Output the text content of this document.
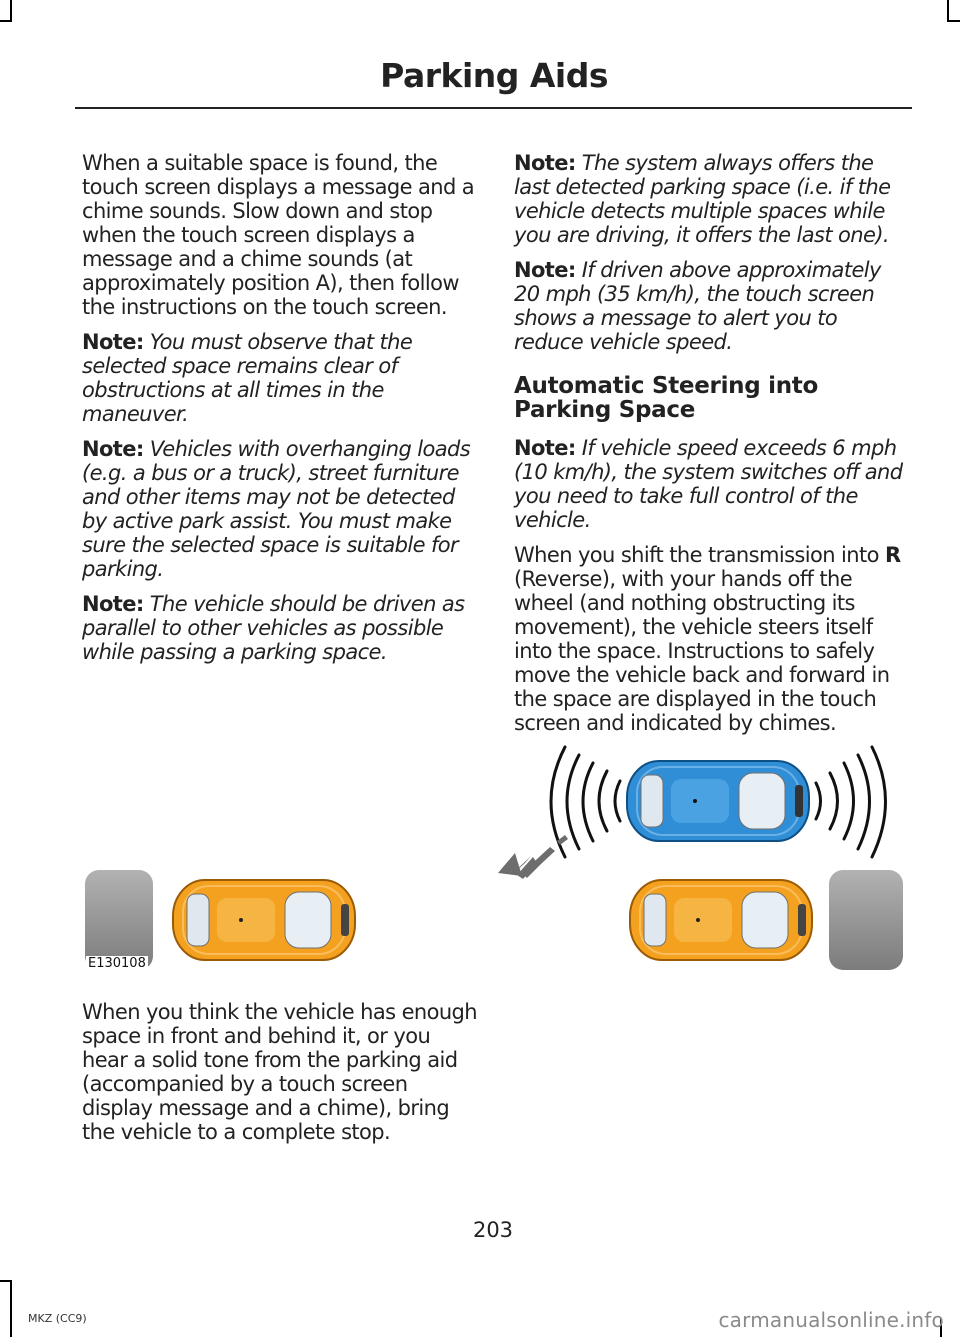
Parking Aids

When a suitable space is found, the touch screen displays a message and a chime sounds. Slow down and stop when the touch screen displays a message and a chime sounds (at approximately position A), then follow the instructions on the touch screen.

Note: You must observe that the selected space remains clear of obstructions at all times in the maneuver.

Note: Vehicles with overhanging loads (e.g. a bus or a truck), street furniture and other items may not be detected by active park assist. You must make sure the selected space is suitable for parking.

Note: The vehicle should be driven as parallel to other vehicles as possible while passing a parking space.

When you think the vehicle has enough space in front and behind it, or you hear a solid tone from the parking aid (accompanied by a touch screen display message and a chime), bring the vehicle to a complete stop.

Note: The system always offers the last detected parking space (i.e. if the vehicle detects multiple spaces while you are driving, it offers the last one).

Note: If driven above approximately 20 mph (35 km/h), the touch screen shows a message to alert you to reduce vehicle speed.

Automatic Steering into Parking Space

Note: If vehicle speed exceeds 6 mph (10 km/h), the system switches off and you need to take full control of the vehicle.

When you shift the transmission into R (Reverse), with your hands off the wheel (and nothing obstructing its movement), the vehicle steers itself into the space. Instructions to safely move the vehicle back and forward in the space are displayed in the touch screen and indicated by chimes.

E130108
203
MKZ (CC9)	carmanualsonline.info
